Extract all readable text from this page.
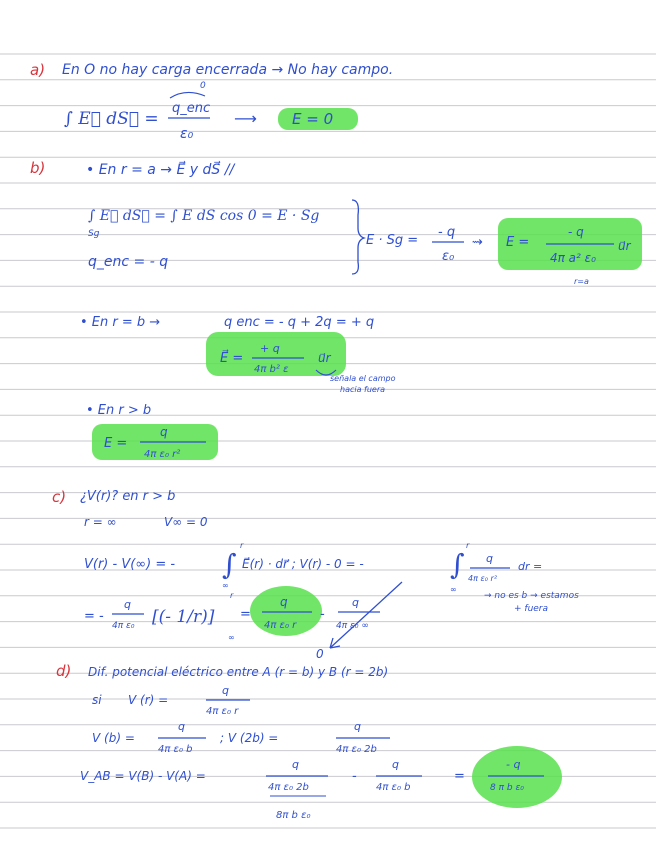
a) En O no hay carga encerrada → No hay campo.
∫ E⃗ dS⃗ =
0
q_enc
ε₀
⟶ E = 0
b)	• En r = a → E⃗ y dS⃗ //
∫ E⃗ dS⃗ = ∫ E dS cos 0 = E · Sg
Sg
q_enc = - q
E · Sg =
- q
ε₀
⇝ E =
- q
4π a² ε₀
u⃗r
r=a
• En r = b →	q enc = - q + 2q = + q
E⃗ =
+ q
4π b² ε
u⃗r
señala el campo
hacia fuera
• En r > b
E =
q
4π ε₀ r²
c) ¿V(r)? en r > b
r = ∞	V∞ = 0
V(r) - V(∞) = - ∫
r
∞
E⃗(r) · dr⃗ ; V(r) - 0 = -	∫
r
∞
q
4π ε₀ r²
dr =
→ no es b → estamos
+ fuera
= -
q
4π ε₀ [(- 1/r)]
r
∞
=
q
4π ε₀ r
-
q
4π ε₀ ∞
0
d) Dif. potencial eléctrico entre A (r = b) y B (r = 2b)
si V (r) =
q
4π ε₀ r
V (b) =
q
4π ε₀ b
; V (2b) =
q
4π ε₀ 2b
V_AB = V(B) - V(A) =
q
4π ε₀ 2b
8π b ε₀
-
q
4π ε₀ b
=
- q
8 π b ε₀
